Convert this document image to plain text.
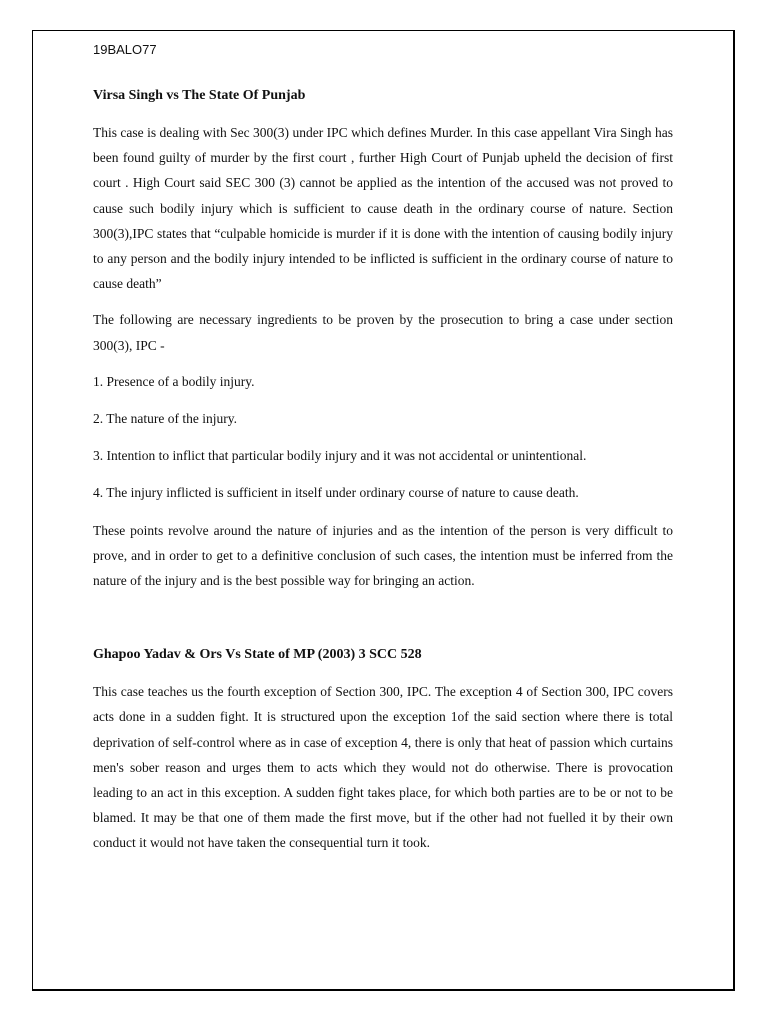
19BALO77
Virsa Singh vs The State Of Punjab

This case is dealing with Sec 300(3) under IPC which defines Murder. In this case appellant Vira Singh has been found guilty of murder by the first court , further High Court of Punjab upheld the decision of first court . High Court said SEC 300 (3) cannot be applied as the intention of the accused was not proved to cause such bodily injury which is sufficient to cause death in the ordinary course of nature. Section 300(3),IPC states that “culpable homicide is murder if it is done with the intention of causing bodily injury to any person and the bodily injury intended to be inflicted is sufficient in the ordinary course of nature to cause death”

The following are necessary ingredients to be proven by the prosecution to bring a case under section 300(3), IPC -

1. Presence of a bodily injury.

2. The nature of the injury.

3. Intention to inflict that particular bodily injury and it was not accidental or unintentional.

4. The injury inflicted is sufficient in itself under ordinary course of nature to cause death.

These points revolve around the nature of injuries and as the intention of the person is very difficult to prove, and in order to get to a definitive conclusion of such cases, the intention must be inferred from the nature of the injury and is the best possible way for bringing an action.

Ghapoo Yadav & Ors Vs State of MP (2003) 3 SCC 528

This case teaches us the fourth exception of Section 300, IPC. The exception 4 of Section 300, IPC covers acts done in a sudden fight. It is structured upon the exception 1of the said section where there is total deprivation of self-control where as in case of exception 4, there is only that heat of passion which curtains men's sober reason and urges them to acts which they would not do otherwise. There is provocation leading to an act in this exception. A sudden fight takes place, for which both parties are to be or not to be blamed. It may be that one of them made the first move, but if the other had not fuelled it by their own conduct it would not have taken the consequential turn it took.
